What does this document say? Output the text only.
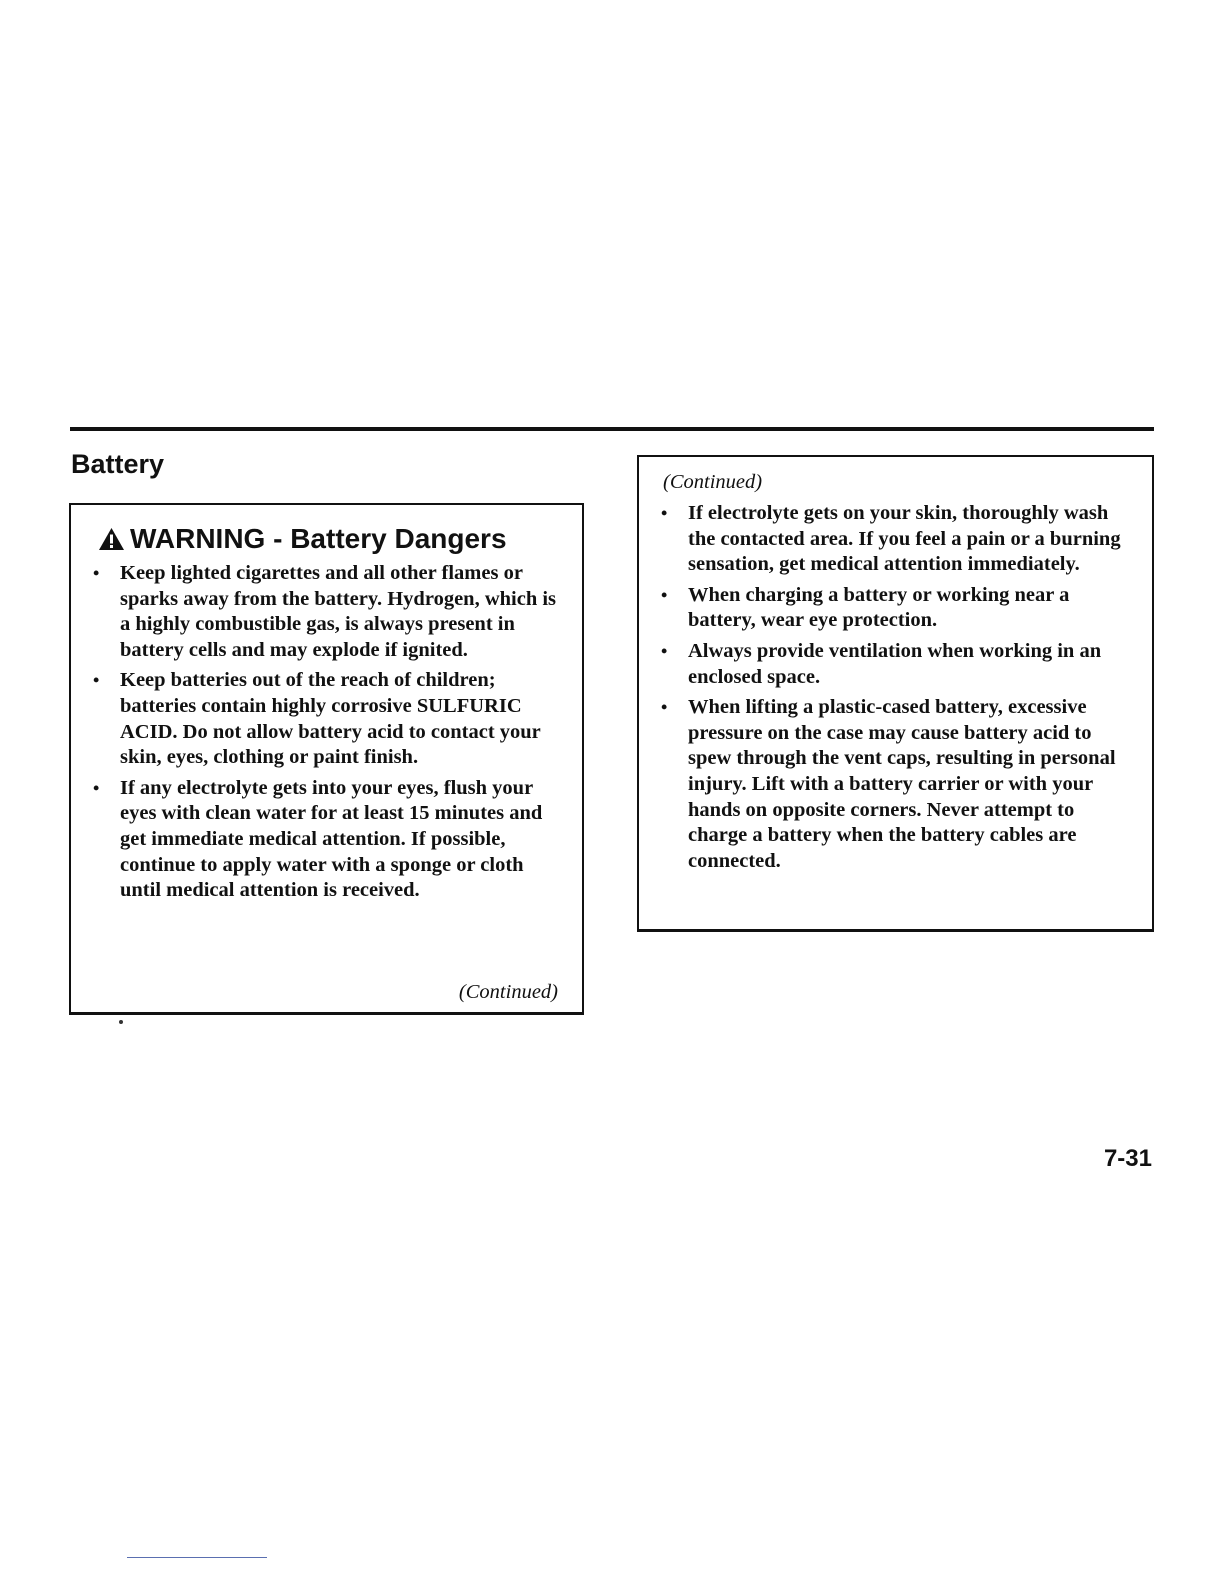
Battery
WARNING - Battery Dangers
• Keep lighted cigarettes and all other flames or sparks away from the battery. Hydrogen, which is a highly combustible gas, is always present in battery cells and may explode if ignited.
• Keep batteries out of the reach of children; batteries contain highly corrosive SULFURIC ACID. Do not allow battery acid to contact your skin, eyes, clothing or paint finish.
• If any electrolyte gets into your eyes, flush your eyes with clean water for at least 15 minutes and get immediate medical attention. If possible, continue to apply water with a sponge or cloth until medical attention is received.
(Continued)
(Continued)
• If electrolyte gets on your skin, thoroughly wash the contacted area. If you feel a pain or a burning sensation, get medical attention immediately.
• When charging a battery or working near a battery, wear eye protection.
• Always provide ventilation when working in an enclosed space.
• When lifting a plastic-cased battery, excessive pressure on the case may cause battery acid to spew through the vent caps, resulting in personal injury. Lift with a battery carrier or with your hands on opposite corners. Never attempt to charge a battery when the battery cables are connected.
7-31
